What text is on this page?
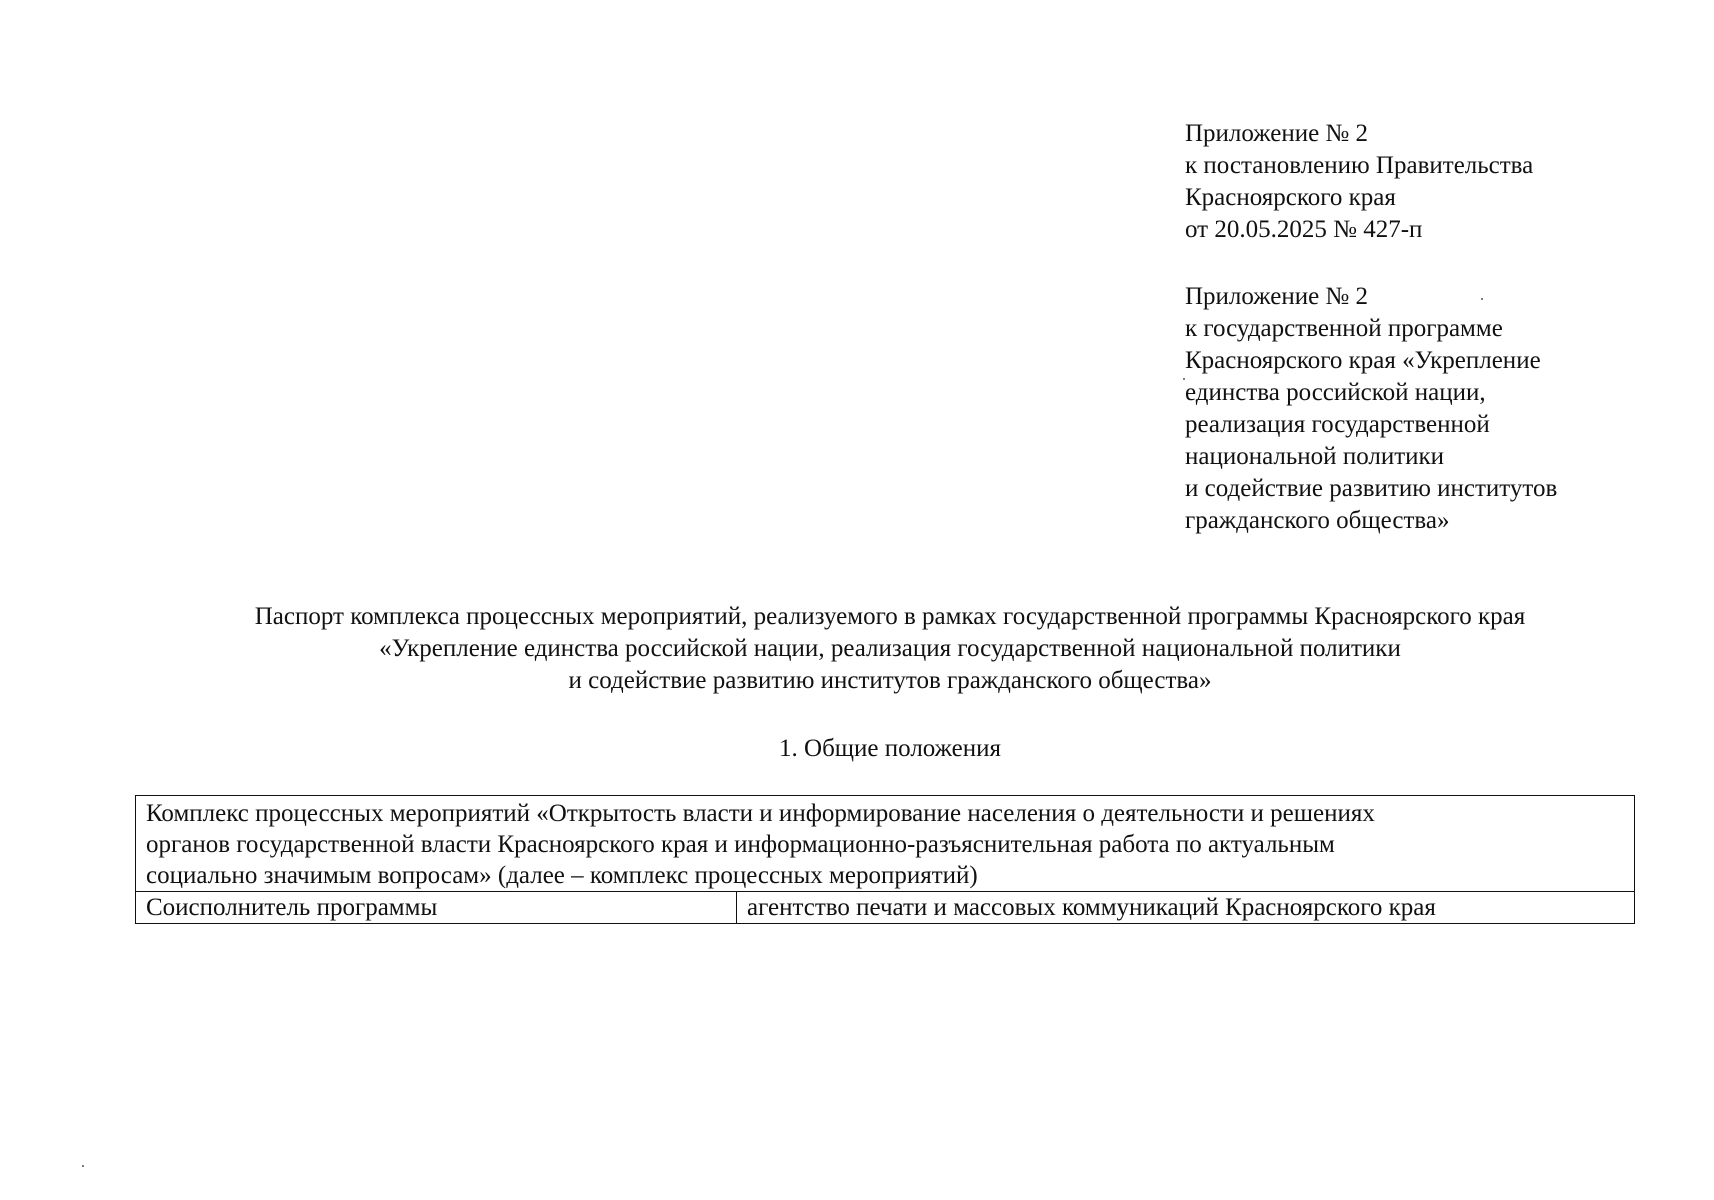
Приложение № 2
к постановлению Правительства
Красноярского края
от 20.05.2025 № 427-п
Приложение № 2
к государственной программе
Красноярского края «Укрепление
единства российской нации,
реализация государственной
национальной политики
и содействие развитию институтов
гражданского общества»
Паспорт комплекса процессных мероприятий, реализуемого в рамках государственной программы Красноярского края
«Укрепление единства российской нации, реализация государственной национальной политики
и содействие развитию институтов гражданского общества»
1. Общие положения
Комплекс процессных мероприятий «Открытость власти и информирование населения о деятельности и решениях
органов государственной власти Красноярского края и информационно-разъяснительная работа по актуальным
социально значимым вопросам» (далее – комплекс процессных мероприятий)

Соисполнитель программы	агентство печати и массовых коммуникаций Красноярского края
